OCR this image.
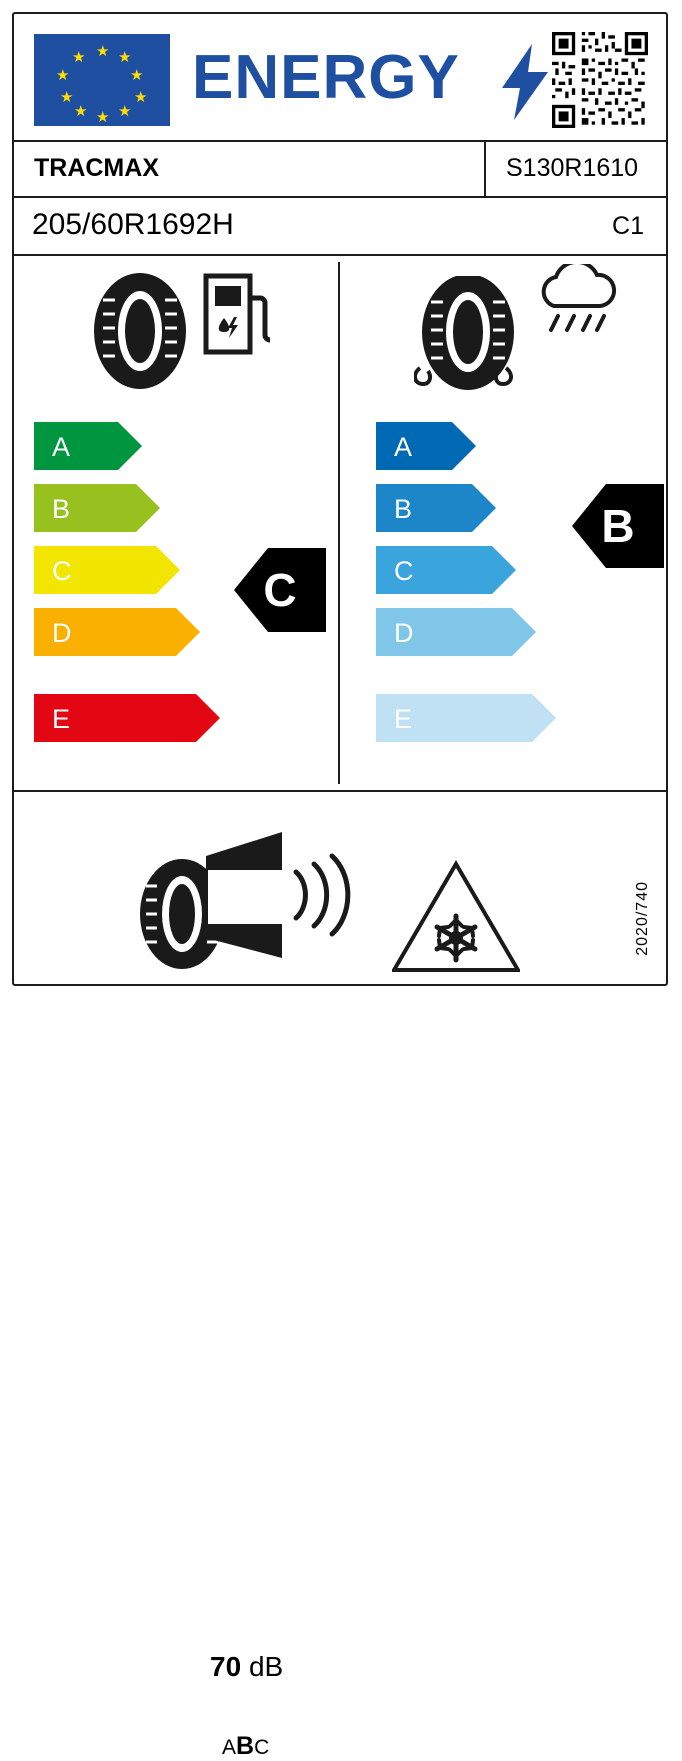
★ ★
★
★
★
★
★
★
★
★ ENERGY
TRACMAX	S130R1610
205/60R1692H	C1
A
B
C
D
E
C
A
B
C
D
E
B
70 dB
ABC
2020/740
